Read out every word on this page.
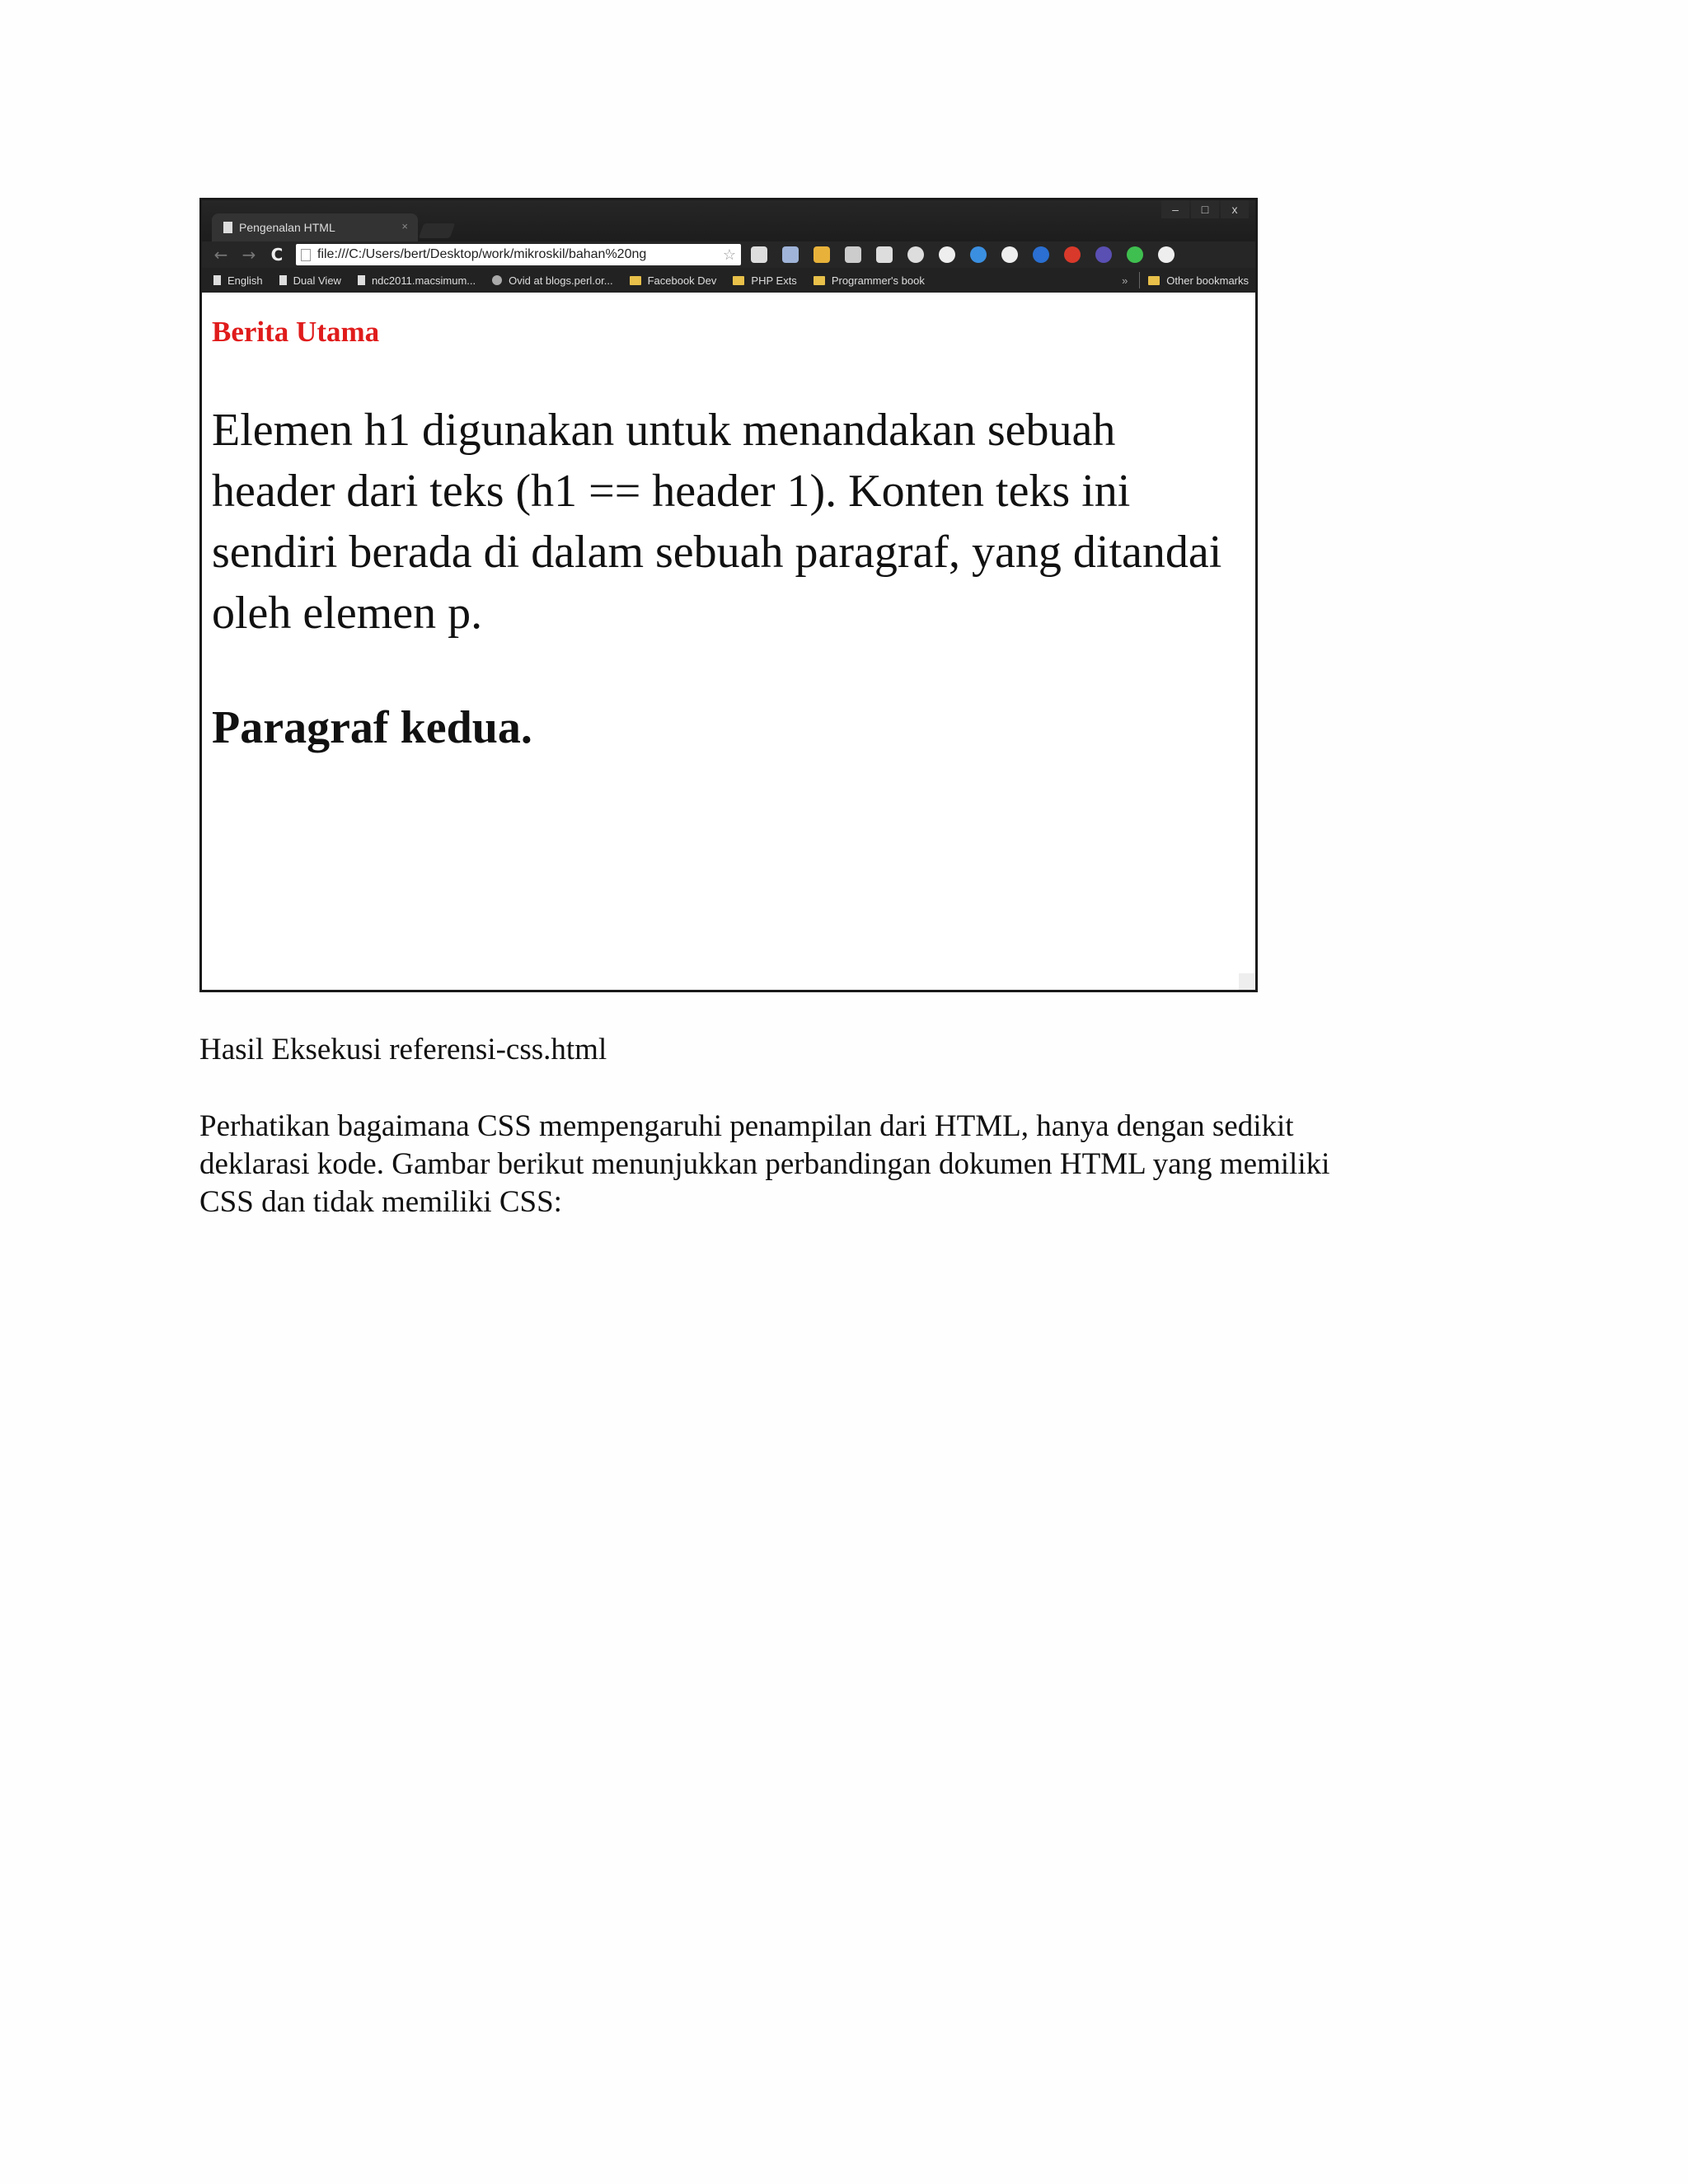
Pengenalan HTML	×
–	□	x
← → C	file:///C:/Users/bert/Desktop/work/mikroskil/bahan%20ng	☆
English	Dual View	ndc2011.macsimum...	Ovid at blogs.perl.or...	Facebook Dev	PHP Exts	Programmer's book	»	Other bookmarks
Berita Utama

Elemen h1 digunakan untuk menandakan sebuah header dari teks (h1 == header 1). Konten teks ini sendiri berada di dalam sebuah paragraf, yang ditandai oleh elemen p.

Paragraf kedua.

Hasil Eksekusi referensi-css.html

Perhatikan bagaimana CSS mempengaruhi penampilan dari HTML, hanya dengan sedikit
deklarasi kode. Gambar berikut menunjukkan perbandingan dokumen HTML yang memiliki
CSS dan tidak memiliki CSS:
